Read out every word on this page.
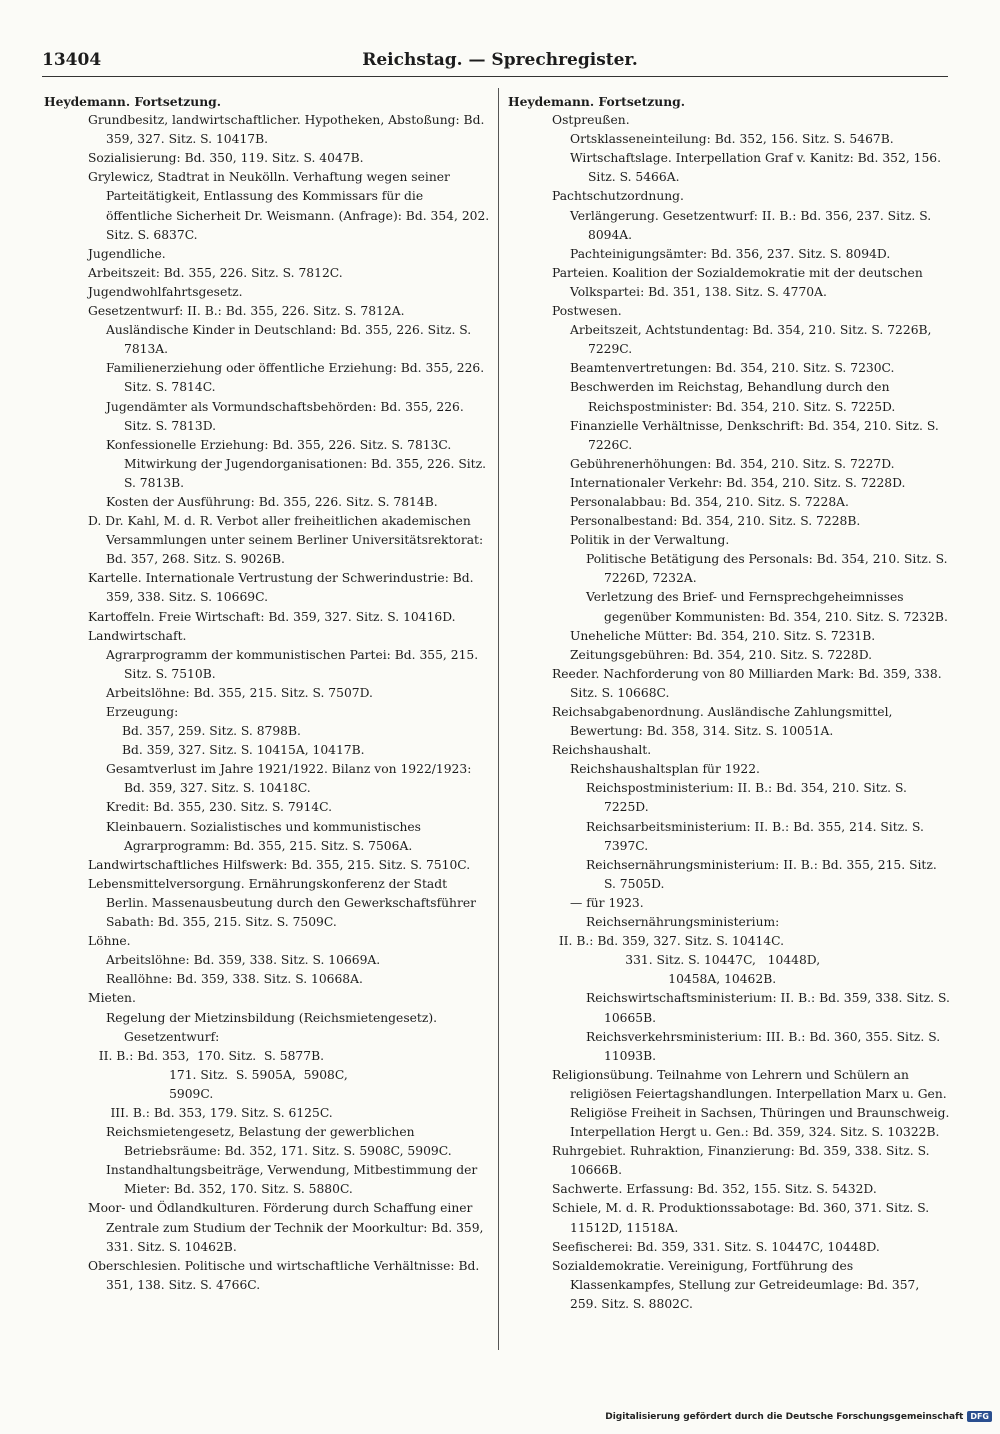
13404	Reichstag. — Sprechregister.

Heydemann. Fortsetzung.

Grundbesitz, landwirtschaftlicher. Hypotheken, Abstoßung: Bd. 359, 327. Sitz. S. 10417B.

Sozialisierung: Bd. 350, 119. Sitz. S. 4047B.

Grylewicz, Stadtrat in Neukölln. Verhaftung wegen seiner Parteitätigkeit, Entlassung des Kommissars für die öffentliche Sicherheit Dr. Weismann. (Anfrage): Bd. 354, 202. Sitz. S. 6837C.

Jugendliche.

Arbeitszeit: Bd. 355, 226. Sitz. S. 7812C.

Jugendwohlfahrtsgesetz.

Gesetzentwurf: II. B.: Bd. 355, 226. Sitz. S. 7812A.

Ausländische Kinder in Deutschland: Bd. 355, 226. Sitz. S. 7813A.

Familienerziehung oder öffentliche Erziehung: Bd. 355, 226. Sitz. S. 7814C.

Jugendämter als Vormundschaftsbehörden: Bd. 355, 226. Sitz. S. 7813D.

Konfessionelle Erziehung: Bd. 355, 226. Sitz. S. 7813C. Mitwirkung der Jugendorganisationen: Bd. 355, 226. Sitz. S. 7813B.

Kosten der Ausführung: Bd. 355, 226. Sitz. S. 7814B.

D. Dr. Kahl, M. d. R. Verbot aller freiheitlichen akademischen Versammlungen unter seinem Berliner Universitätsrektorat: Bd. 357, 268. Sitz. S. 9026B.

Kartelle. Internationale Vertrustung der Schwerindustrie: Bd. 359, 338. Sitz. S. 10669C.

Kartoffeln. Freie Wirtschaft: Bd. 359, 327. Sitz. S. 10416D.

Landwirtschaft.

Agrarprogramm der kommunistischen Partei: Bd. 355, 215. Sitz. S. 7510B.

Arbeitslöhne: Bd. 355, 215. Sitz. S. 7507D.

Erzeugung:

Bd. 357, 259. Sitz. S. 8798B.

Bd. 359, 327. Sitz. S. 10415A, 10417B.

Gesamtverlust im Jahre 1921/1922. Bilanz von 1922/1923: Bd. 359, 327. Sitz. S. 10418C.

Kredit: Bd. 355, 230. Sitz. S. 7914C.

Kleinbauern. Sozialistisches und kommunistisches Agrarprogramm: Bd. 355, 215. Sitz. S. 7506A.

Landwirtschaftliches Hilfswerk: Bd. 355, 215. Sitz. S. 7510C.

Lebensmittelversorgung. Ernährungskonferenz der Stadt Berlin. Massenausbeutung durch den Gewerkschaftsführer Sabath: Bd. 355, 215. Sitz. S. 7509C.

Löhne.

Arbeitslöhne: Bd. 359, 338. Sitz. S. 10669A.

Reallöhne: Bd. 359, 338. Sitz. S. 10668A.

Mieten.

Regelung der Mietzinsbildung (Reichsmietengesetz). Gesetzentwurf:

II. B.: Bd. 353,  170. Sitz.  S. 5877B.
171. Sitz.  S. 5905A,  5908C,
5909C.

III. B.: Bd. 353, 179. Sitz. S. 6125C.

Reichsmietengesetz, Belastung der gewerblichen Betriebsräume: Bd. 352, 171. Sitz. S. 5908C, 5909C.

Instandhaltungsbeiträge, Verwendung, Mitbestimmung der Mieter: Bd. 352, 170. Sitz. S. 5880C.

Moor- und Ödlandkulturen. Förderung durch Schaffung einer Zentrale zum Studium der Technik der Moorkultur: Bd. 359, 331. Sitz. S. 10462B.

Oberschlesien. Politische und wirtschaftliche Verhältnisse: Bd. 351, 138. Sitz. S. 4766C.

Heydemann. Fortsetzung.

Ostpreußen.

Ortsklasseneinteilung: Bd. 352, 156. Sitz. S. 5467B.

Wirtschaftslage. Interpellation Graf v. Kanitz: Bd. 352, 156. Sitz. S. 5466A.

Pachtschutzordnung.

Verlängerung. Gesetzentwurf: II. B.: Bd. 356, 237. Sitz. S. 8094A.

Pachteinigungsämter: Bd. 356, 237. Sitz. S. 8094D.

Parteien. Koalition der Sozialdemokratie mit der deutschen Volkspartei: Bd. 351, 138. Sitz. S. 4770A.

Postwesen.

Arbeitszeit, Achtstundentag: Bd. 354, 210. Sitz. S. 7226B, 7229C.

Beamtenvertretungen: Bd. 354, 210. Sitz. S. 7230C.

Beschwerden im Reichstag, Behandlung durch den Reichspostminister: Bd. 354, 210. Sitz. S. 7225D.

Finanzielle Verhältnisse, Denkschrift: Bd. 354, 210. Sitz. S. 7226C.

Gebührenerhöhungen: Bd. 354, 210. Sitz. S. 7227D.

Internationaler Verkehr: Bd. 354, 210. Sitz. S. 7228D.

Personalabbau: Bd. 354, 210. Sitz. S. 7228A.

Personalbestand: Bd. 354, 210. Sitz. S. 7228B.

Politik in der Verwaltung.

Politische Betätigung des Personals: Bd. 354, 210. Sitz. S. 7226D, 7232A.

Verletzung des Brief- und Fernsprechgeheimnisses gegenüber Kommunisten: Bd. 354, 210. Sitz. S. 7232B.

Uneheliche Mütter: Bd. 354, 210. Sitz. S. 7231B.

Zeitungsgebühren: Bd. 354, 210. Sitz. S. 7228D.

Reeder. Nachforderung von 80 Milliarden Mark: Bd. 359, 338. Sitz. S. 10668C.

Reichsabgabenordnung. Ausländische Zahlungsmittel, Bewertung: Bd. 358, 314. Sitz. S. 10051A.

Reichshaushalt.

Reichshaushaltsplan für 1922.

Reichspostministerium: II. B.: Bd. 354, 210. Sitz. S. 7225D.

Reichsarbeitsministerium: II. B.: Bd. 355, 214. Sitz. S. 7397C.

Reichsernährungsministerium: II. B.: Bd. 355, 215. Sitz. S. 7505D.

— für 1923.

Reichsernährungsministerium:

II. B.: Bd. 359, 327. Sitz. S. 10414C.
331. Sitz. S. 10447C,   10448D,
10458A, 10462B.

Reichswirtschaftsministerium: II. B.: Bd. 359, 338. Sitz. S. 10665B.

Reichsverkehrsministerium: III. B.: Bd. 360, 355. Sitz. S. 11093B.

Religionsübung. Teilnahme von Lehrern und Schülern an religiösen Feiertagshandlungen. Interpellation Marx u. Gen. Religiöse Freiheit in Sachsen, Thüringen und Braunschweig. Interpellation Hergt u. Gen.: Bd. 359, 324. Sitz. S. 10322B.

Ruhrgebiet. Ruhraktion, Finanzierung: Bd. 359, 338. Sitz. S. 10666B.

Sachwerte. Erfassung: Bd. 352, 155. Sitz. S. 5432D.

Schiele, M. d. R. Produktionssabotage: Bd. 360, 371. Sitz. S. 11512D, 11518A.

Seefischerei: Bd. 359, 331. Sitz. S. 10447C, 10448D.

Sozialdemokratie. Vereinigung, Fortführung des Klassenkampfes, Stellung zur Getreideumlage: Bd. 357, 259. Sitz. S. 8802C.

Digitalisierung gefördert durch die Deutsche Forschungsgemeinschaft DFG
